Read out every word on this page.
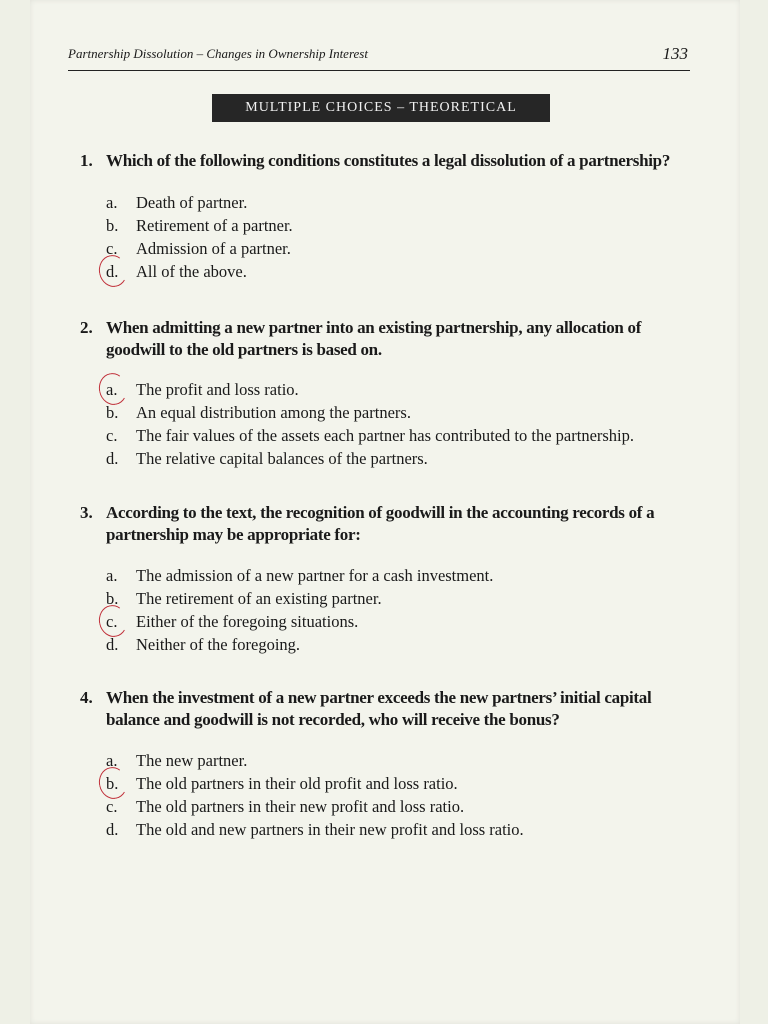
Partnership Dissolution – Changes in Ownership Interest	133
MULTIPLE CHOICES – THEORETICAL
1. Which of the following conditions constitutes a legal dissolution of a partnership?
a.	Death of partner.
b.	Retirement of a partner.
c.	Admission of a partner.
d.	All of the above.
2. When admitting a new partner into an existing partnership, any allocation of goodwill to the old partners is based on.
a.	The profit and loss ratio.
b.	An equal distribution among the partners.
c.	The fair values of the assets each partner has contributed to the partnership.
d.	The relative capital balances of the partners.
3. According to the text, the recognition of goodwill in the accounting records of a partnership may be appropriate for:
a.	The admission of a new partner for a cash investment.
b.	The retirement of an existing partner.
c.	Either of the foregoing situations.
d.	Neither of the foregoing.
4. When the investment of a new partner exceeds the new partners’ initial capital balance and goodwill is not recorded, who will receive the bonus?
a.	The new partner.
b.	The old partners in their old profit and loss ratio.
c.	The old partners in their new profit and loss ratio.
d.	The old and new partners in their new profit and loss ratio.
